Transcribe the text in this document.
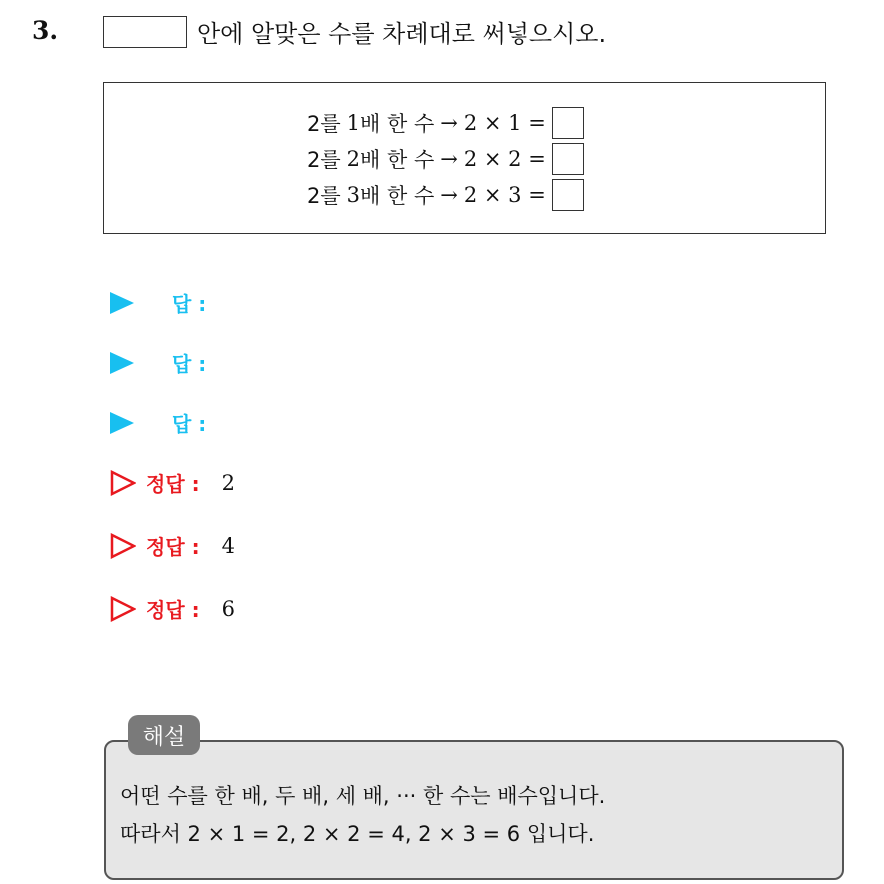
3.	안에 알맞은 수를 차례대로 써넣으시오.
2를 1 배 한 수 → 2 × 1 =
2를 2 배 한 수 → 2 × 2 =
2를 3 배 한 수 → 2 × 3 =
답 :
답 :
답 :
정답 : 2
정답 : 4
정답 : 6
해설
어떤 수를 한 배, 두 배, 세 배, ··· 한 수는 배수입니다.
따라서 2 × 1 = 2, 2 × 2 = 4, 2 × 3 = 6 입니다.
